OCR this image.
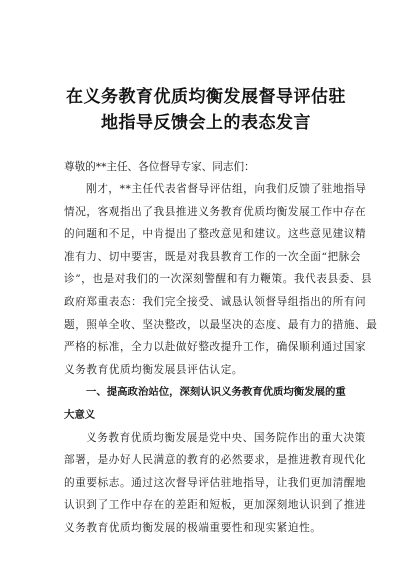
在义务教育优质均衡发展督导评估驻
地指导反馈会上的表态发言
尊敬的**主任、各位督导专家、同志们：

刚才，**主任代表省督导评估组，向我们反馈了驻地指导
情况，客观指出了我县推进义务教育优质均衡发展工作中存在
的问题和不足，中肯提出了整改意见和建议。这些意见建议精
准有力、切中要害，既是对我县教育工作的一次全面“把脉会
诊”，也是对我们的一次深刻警醒和有力鞭策。我代表县委、县
政府郑重表态：我们完全接受、诚恳认领督导组指出的所有问
题，照单全收、坚决整改，以最坚决的态度、最有力的措施、最
严格的标准，全力以赴做好整改提升工作，确保顺利通过国家
义务教育优质均衡发展县评估认定。

一、提高政治站位，深刻认识义务教育优质均衡发展的重
大意义

义务教育优质均衡发展是党中央、国务院作出的重大决策
部署，是办好人民满意的教育的必然要求，是推进教育现代化
的重要标志。通过这次督导评估驻地指导，让我们更加清醒地
认识到了工作中存在的差距和短板，更加深刻地认识到了推进
义务教育优质均衡发展的极端重要性和现实紧迫性。
